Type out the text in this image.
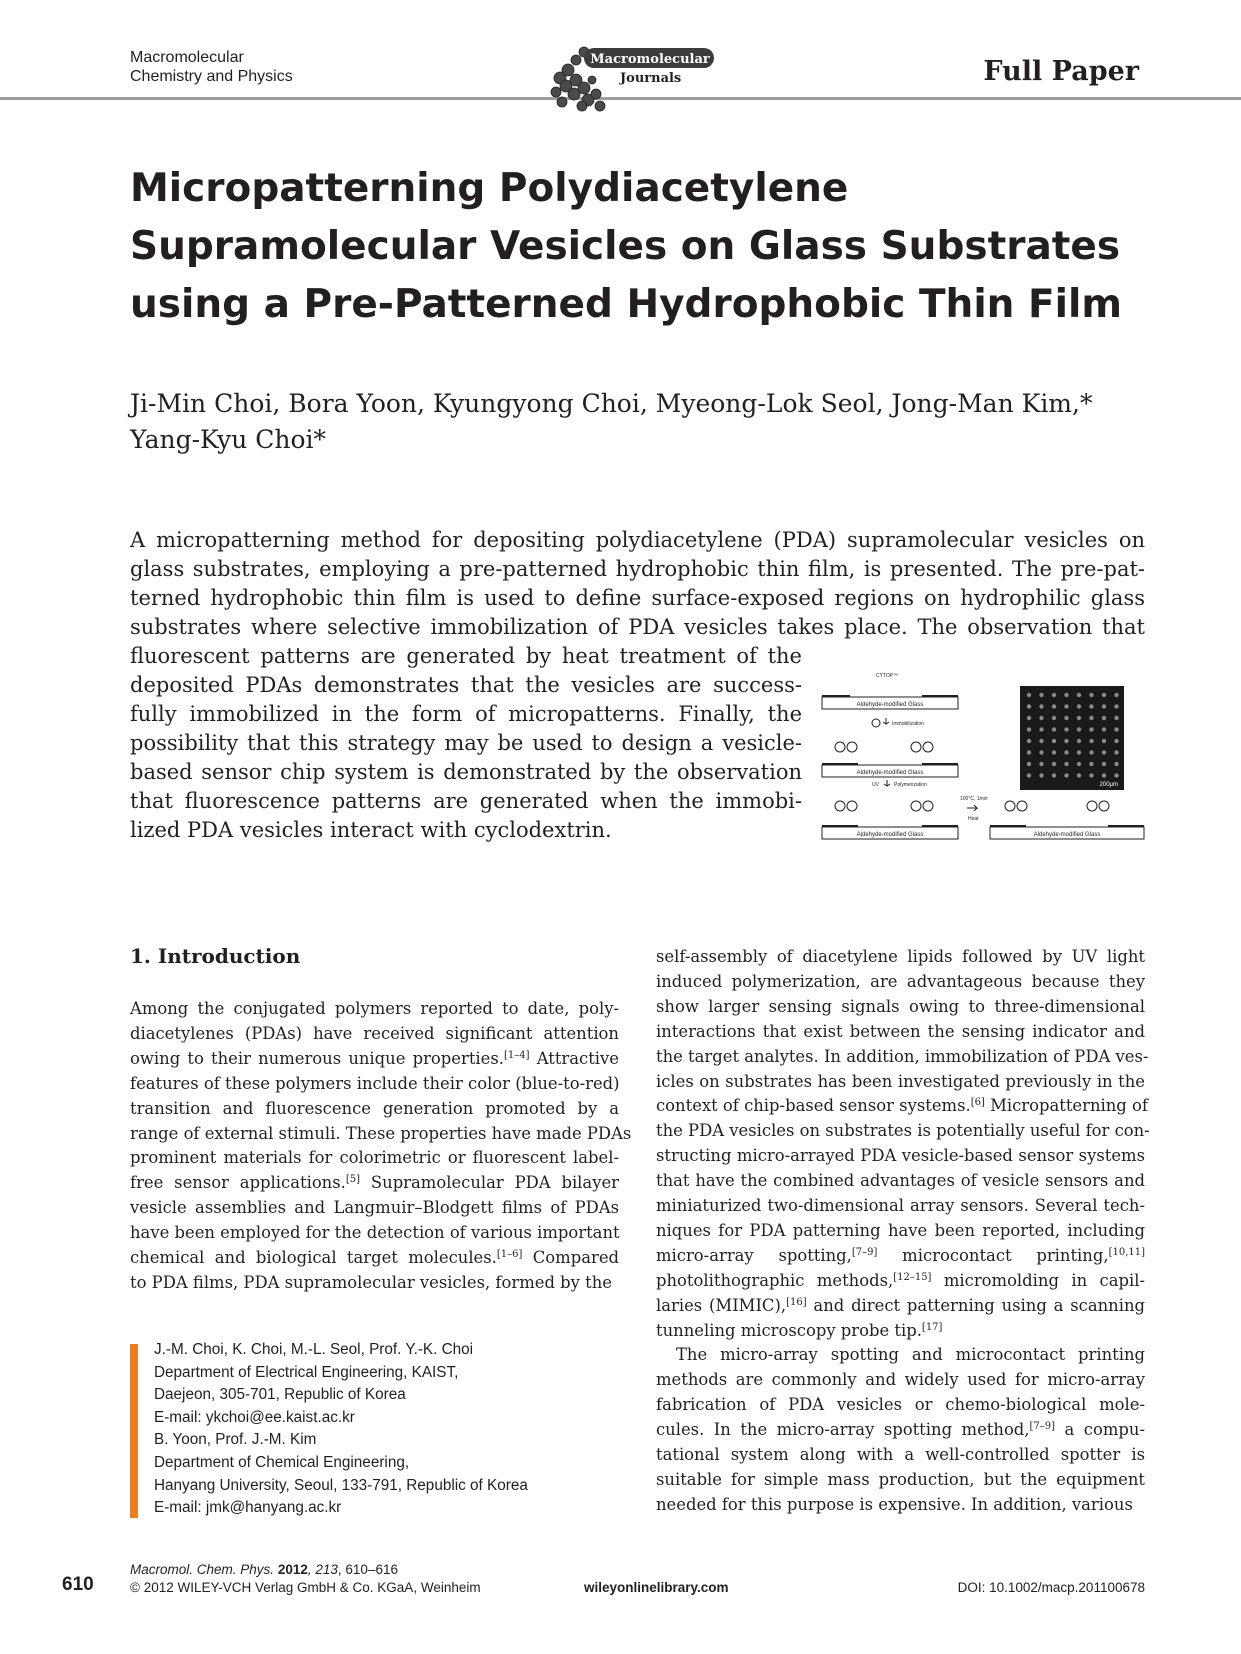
Macromolecular
Chemistry and Physics
Macromolecular
Journals	Full Paper
Micropatterning Polydiacetylene
Supramolecular Vesicles on Glass Substrates
using a Pre-Patterned Hydrophobic Thin Film
Ji-Min Choi, Bora Yoon, Kyungyong Choi, Myeong-Lok Seol, Jong-Man Kim,*
Yang-Kyu Choi*
A micropatterning method for depositing polydiacetylene (PDA) supramolecular vesicles on
glass substrates, employing a pre-patterned hydrophobic thin film, is presented. The pre-pat-
terned hydrophobic thin film is used to define surface-exposed regions on hydrophilic glass
substrates where selective immobilization of PDA vesicles takes place. The observation that
fluorescent patterns are generated by heat treatment of the
deposited PDAs demonstrates that the vesicles are success-
fully immobilized in the form of micropatterns. Finally, the
possibility that this strategy may be used to design a vesicle-
based sensor chip system is demonstrated by the observation
that fluorescence patterns are generated when the immobi-
lized PDA vesicles interact with cyclodextrin.
CYTOP™
Aldehyde-modified Glass
Immobilization
Aldehyde-modified Glass
UV	Polymerization
Aldehyde-modified Glass
100°C, 1min
Heat
Aldehyde-modified Glass
200μm
1. Introduction
Among the conjugated polymers reported to date, poly-
diacetylenes (PDAs) have received significant attention
owing to their numerous unique properties.[1–4] Attractive
features of these polymers include their color (blue-to-red)
transition and fluorescence generation promoted by a
range of external stimuli. These properties have made PDAs
prominent materials for colorimetric or fluorescent label-
free sensor applications.[5] Supramolecular PDA bilayer
vesicle assemblies and Langmuir–Blodgett films of PDAs
have been employed for the detection of various important
chemical and biological target molecules.[1–6] Compared
to PDA films, PDA supramolecular vesicles, formed by the
self-assembly of diacetylene lipids followed by UV light
induced polymerization, are advantageous because they
show larger sensing signals owing to three-dimensional
interactions that exist between the sensing indicator and
the target analytes. In addition, immobilization of PDA ves-
icles on substrates has been investigated previously in the
context of chip-based sensor systems.[6] Micropatterning of
the PDA vesicles on substrates is potentially useful for con-
structing micro-arrayed PDA vesicle-based sensor systems
that have the combined advantages of vesicle sensors and
miniaturized two-dimensional array sensors. Several tech-
niques for PDA patterning have been reported, including
micro-array spotting,[7–9] microcontact printing,[10,11]
photolithographic methods,[12–15] micromolding in capil-
laries (MIMIC),[16] and direct patterning using a scanning
tunneling microscopy probe tip.[17]
The micro-array spotting and microcontact printing
methods are commonly and widely used for micro-array
fabrication of PDA vesicles or chemo-biological mole-
cules. In the micro-array spotting method,[7–9] a compu-
tational system along with a well-controlled spotter is
suitable for simple mass production, but the equipment
needed for this purpose is expensive. In addition, various
J.-M. Choi, K. Choi, M.-L. Seol, Prof. Y.-K. Choi
Department of Electrical Engineering, KAIST,
Daejeon, 305-701, Republic of Korea
E-mail: ykchoi@ee.kaist.ac.kr
B. Yoon, Prof. J.-M. Kim
Department of Chemical Engineering,
Hanyang University, Seoul, 133-791, Republic of Korea
E-mail: jmk@hanyang.ac.kr
610
Macromol. Chem. Phys. 2012, 213, 610–616
© 2012 WILEY-VCH Verlag GmbH & Co. KGaA, Weinheim	wileyonlinelibrary.com	DOI: 10.1002/macp.201100678
